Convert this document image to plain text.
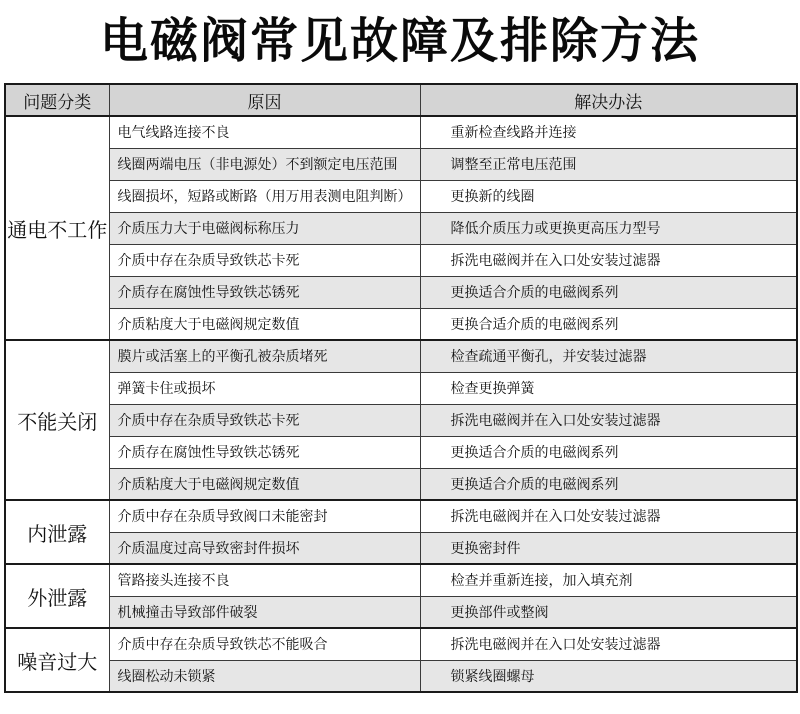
电磁阀常见故障及排除方法
问题分类	原因	解决办法
通电不工作	电气线路连接不良	重新检查线路并连接
	线圈两端电压（非电源处）不到额定电压范围	调整至正常电压范围
	线圈损坏，短路或断路（用万用表测电阻判断）	更换新的线圈
	介质压力大于电磁阀标称压力	降低介质压力或更换更高压力型号
	介质中存在杂质导致铁芯卡死	拆洗电磁阀并在入口处安装过滤器
	介质存在腐蚀性导致铁芯锈死	更换适合介质的电磁阀系列
	介质粘度大于电磁阀规定数值	更换合适介质的电磁阀系列
不能关闭	膜片或活塞上的平衡孔被杂质堵死	检查疏通平衡孔，并安装过滤器
	弹簧卡住或损坏	检查更换弹簧
	介质中存在杂质导致铁芯卡死	拆洗电磁阀并在入口处安装过滤器
	介质存在腐蚀性导致铁芯锈死	更换适合介质的电磁阀系列
	介质粘度大于电磁阀规定数值	更换适合介质的电磁阀系列
内泄露	介质中存在杂质导致阀口未能密封	拆洗电磁阀并在入口处安装过滤器
	介质温度过高导致密封件损坏	更换密封件
外泄露	管路接头连接不良	检查并重新连接，加入填充剂
	机械撞击导致部件破裂	更换部件或整阀
噪音过大	介质中存在杂质导致铁芯不能吸合	拆洗电磁阀并在入口处安装过滤器
	线圈松动未锁紧	锁紧线圈螺母
